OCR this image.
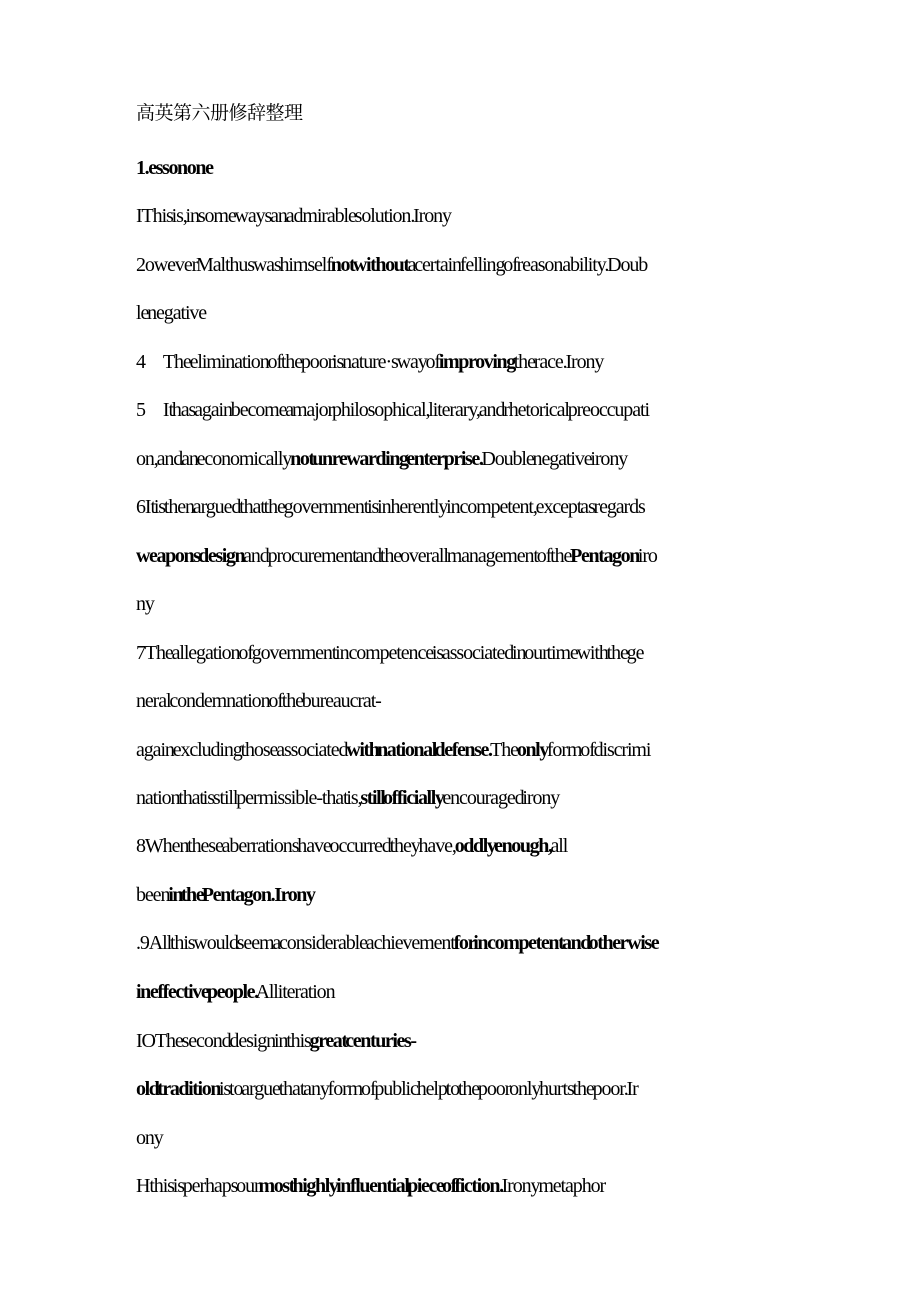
高英第六册修辞整理

1.essonone

IThis is, in some ways an admirable solution. Irony

2owever Malthus was himself not without a certain felling of reasonability. Doub

le negative

4 The elimination of the poor is nature·s way of improving the race. Irony

5 It has again become a major philosophical, literary, and rhetorical preoccupati

on, and an economically not unrewarding enterprise. Double negative irony

6It is then argued that the government is inherently incompetent, except as regards

weapons design and procurement and the overall management of the Pentagon iro

ny

7The allegation of government incompetence is associated in our time with the ge

neral condemnation of the bureaucrat-

again excluding those associated with national defense. The only form of discrimi

nation that is still permissible-that is, still officially encouraged irony

8When these aberrations have occurred they have, oddly enough, all

been in the Pentagon.Irony

.9All this would seem a considerable achievement for incompetent and otherwise

ineffective people. Alliteration

IOThe second design in this great centuries-

old tradition is to argue that any form of public help to the poor only hurts the poor. Ir

ony

Hthis is perhaps our most highly influential piece of fiction. Irony metaphor
